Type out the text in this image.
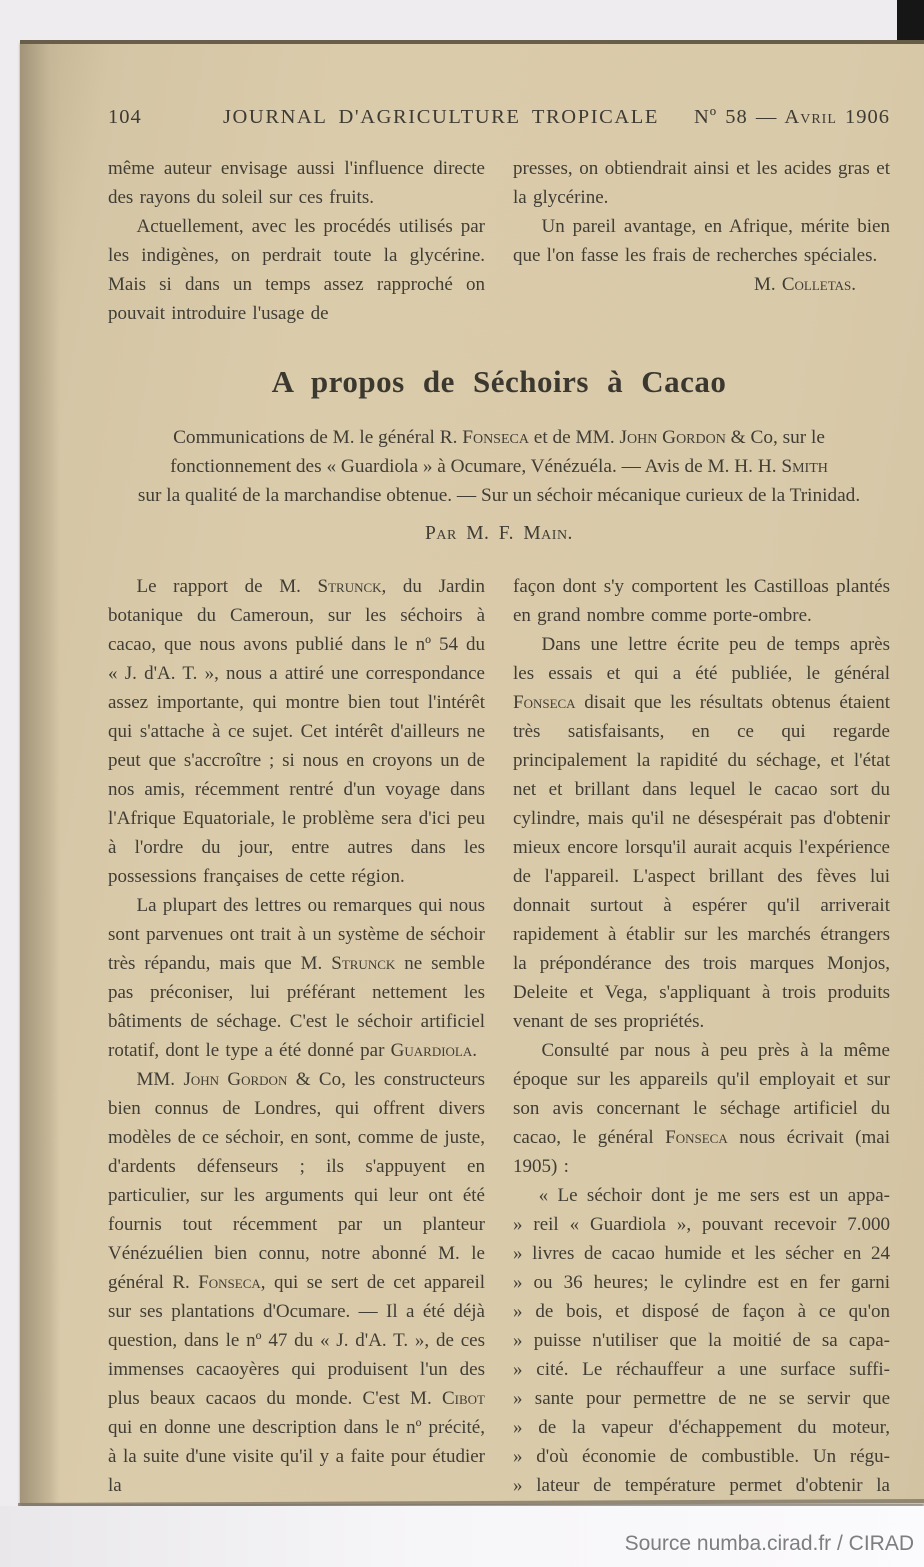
104	JOURNAL D'AGRICULTURE TROPICALE	Nº 58 — Avril 1906

même auteur envisage aussi l'influence directe des rayons du soleil sur ces fruits.

Actuellement, avec les procédés utilisés par les indigènes, on perdrait toute la glycérine. Mais si dans un temps assez rapproché on pouvait introduire l'usage de

presses, on obtiendrait ainsi et les acides gras et la glycérine.

Un pareil avantage, en Afrique, mérite bien que l'on fasse les frais de recherches spéciales.

M. Colletas.

A propos de Séchoirs à Cacao

Communications de M. le général R. Fonseca et de MM. John Gordon & Co, sur le

fonctionnement des « Guardiola » à Ocumare, Vénézuéla. — Avis de M. H. H. Smith

sur la qualité de la marchandise obtenue. — Sur un séchoir mécanique curieux de la Trinidad.

Par M. F. Main.

Le rapport de M. Strunck, du Jardin botanique du Cameroun, sur les séchoirs à cacao, que nous avons publié dans le nº 54 du « J. d'A. T. », nous a attiré une correspondance assez importante, qui montre bien tout l'intérêt qui s'attache à ce sujet. Cet intérêt d'ailleurs ne peut que s'accroître ; si nous en croyons un de nos amis, récemment rentré d'un voyage dans l'Afrique Equatoriale, le problème sera d'ici peu à l'ordre du jour, entre autres dans les possessions françaises de cette région.

La plupart des lettres ou remarques qui nous sont parvenues ont trait à un système de séchoir très répandu, mais que M. Strunck ne semble pas préconiser, lui préférant nettement les bâtiments de séchage. C'est le séchoir artificiel rotatif, dont le type a été donné par Guardiola.

MM. John Gordon & Co, les constructeurs bien connus de Londres, qui offrent divers modèles de ce séchoir, en sont, comme de juste, d'ardents défenseurs ; ils s'appuyent en particulier, sur les arguments qui leur ont été fournis tout récemment par un planteur Vénézuélien bien connu, notre abonné M. le général R. Fonseca, qui se sert de cet appareil sur ses plantations d'Ocumare. — Il a été déjà question, dans le nº 47 du « J. d'A. T. », de ces immenses cacaoyères qui produisent l'un des plus beaux cacaos du monde. C'est M. Cibot qui en donne une description dans le nº précité, à la suite d'une visite qu'il y a faite pour étudier la

façon dont s'y comportent les Castilloas plantés en grand nombre comme porte-ombre.

Dans une lettre écrite peu de temps après les essais et qui a été publiée, le général Fonseca disait que les résultats obtenus étaient très satisfaisants, en ce qui regarde principalement la rapidité du séchage, et l'état net et brillant dans lequel le cacao sort du cylindre, mais qu'il ne désespérait pas d'obtenir mieux encore lorsqu'il aurait acquis l'expérience de l'appareil. L'aspect brillant des fèves lui donnait surtout à espérer qu'il arriverait rapidement à établir sur les marchés étrangers la prépondérance des trois marques Monjos, Deleite et Vega, s'appliquant à trois produits venant de ses propriétés.

Consulté par nous à peu près à la même époque sur les appareils qu'il employait et sur son avis concernant le séchage artificiel du cacao, le général Fonseca nous écrivait (mai 1905) :

« Le séchoir dont je me sers est un appa-
» reil « Guardiola », pouvant recevoir 7.000
» livres de cacao humide et les sécher en 24
» ou 36 heures; le cylindre est en fer garni
» de bois, et disposé de façon à ce qu'on
» puisse n'utiliser que la moitié de sa capa-
» cité. Le réchauffeur a une surface suffi-
» sante pour permettre de ne se servir que
» de la vapeur d'échappement du moteur,
» d'où économie de combustible. Un régu-
» lateur de température permet d'obtenir la
Source numba.cirad.fr / CIRAD
